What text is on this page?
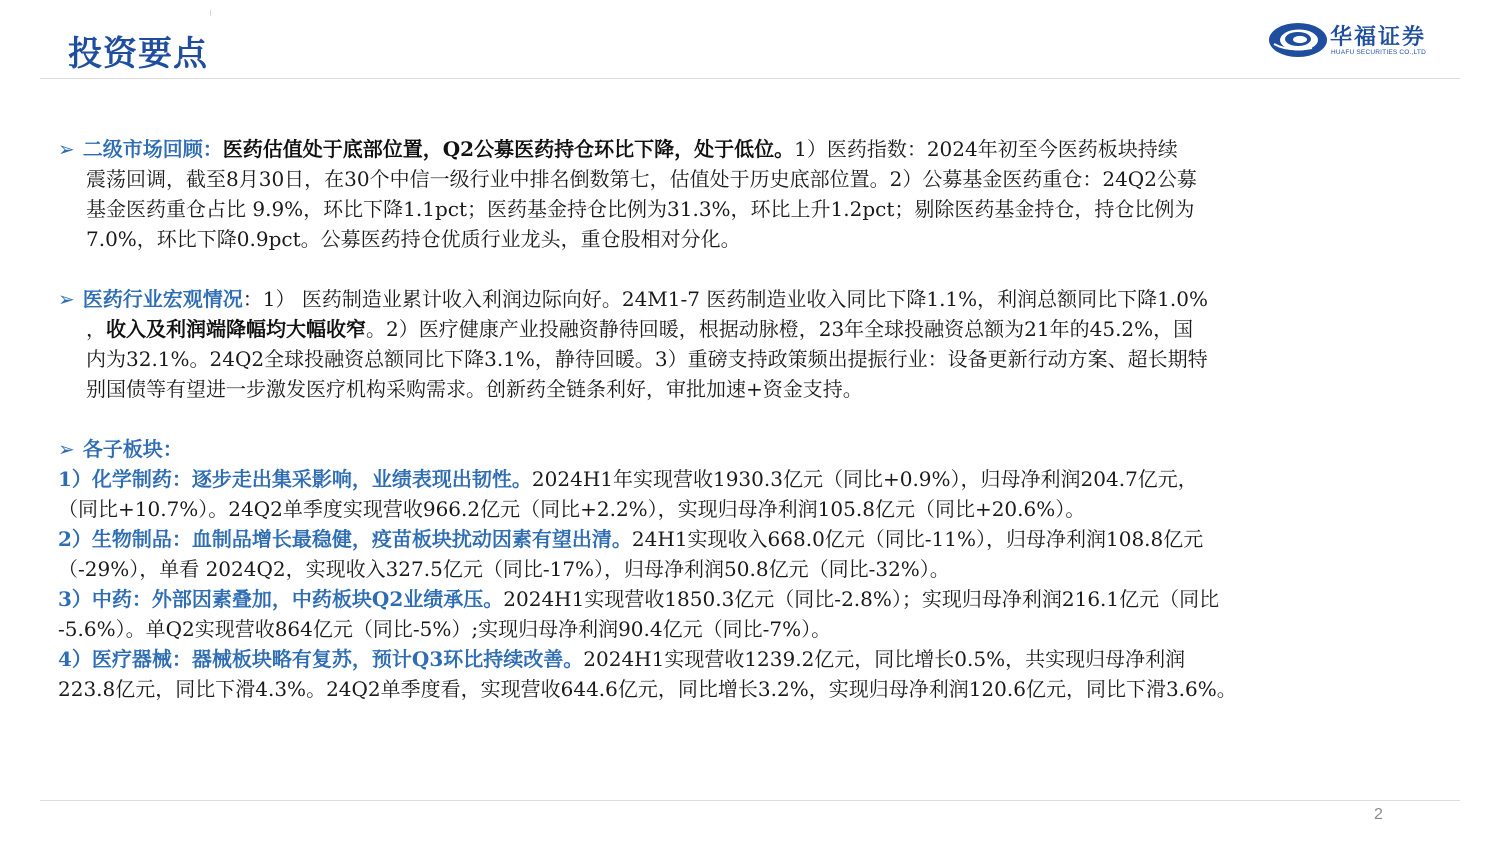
投资要点	华福证券
HUAFU SECURITIES CO.,LTD

➢ 二级市场回顾：医药估值处于底部位置，Q2公募医药持仓环比下降，处于低位。1）医药指数：2024年初至今医药板块持续

震荡回调，截至8月30日，在30个中信一级行业中排名倒数第七，估值处于历史底部位置。2）公募基金医药重仓：24Q2公募

基金医药重仓占比 9.9%，环比下降1.1pct；医药基金持仓比例为31.3%，环比上升1.2pct；剔除医药基金持仓，持仓比例为

7.0%，环比下降0.9pct。公募医药持仓优质行业龙头，重仓股相对分化。

➢ 医药行业宏观情况：1） 医药制造业累计收入利润边际向好。24M1-7 医药制造业收入同比下降1.1%，利润总额同比下降1.0%

，收入及利润端降幅均大幅收窄。2）医疗健康产业投融资静待回暖，根据动脉橙，23年全球投融资总额为21年的45.2%，国

内为32.1%。24Q2全球投融资总额同比下降3.1%，静待回暖。3）重磅支持政策频出提振行业：设备更新行动方案、超长期特

别国债等有望进一步激发医疗机构采购需求。创新药全链条利好，审批加速+资金支持。

➢ 各子板块：

1）化学制药：逐步走出集采影响，业绩表现出韧性。2024H1年实现营收1930.3亿元（同比+0.9%），归母净利润204.7亿元，

（同比+10.7%）。24Q2单季度实现营收966.2亿元（同比+2.2%），实现归母净利润105.8亿元（同比+20.6%）。

2）生物制品：血制品增长最稳健，疫苗板块扰动因素有望出清。24H1实现收入668.0亿元（同比-11%），归母净利润108.8亿元

（-29%），单看 2024Q2，实现收入327.5亿元（同比-17%），归母净利润50.8亿元（同比-32%）。

3）中药：外部因素叠加，中药板块Q2业绩承压。2024H1实现营收1850.3亿元（同比-2.8%）；实现归母净利润216.1亿元（同比

-5.6%）。单Q2实现营收864亿元（同比-5%）;实现归母净利润90.4亿元（同比-7%）。

4）医疗器械：器械板块略有复苏，预计Q3环比持续改善。2024H1实现营收1239.2亿元，同比增长0.5%，共实现归母净利润

223.8亿元，同比下滑4.3%。24Q2单季度看，实现营收644.6亿元，同比增长3.2%，实现归母净利润120.6亿元，同比下滑3.6%。

2
